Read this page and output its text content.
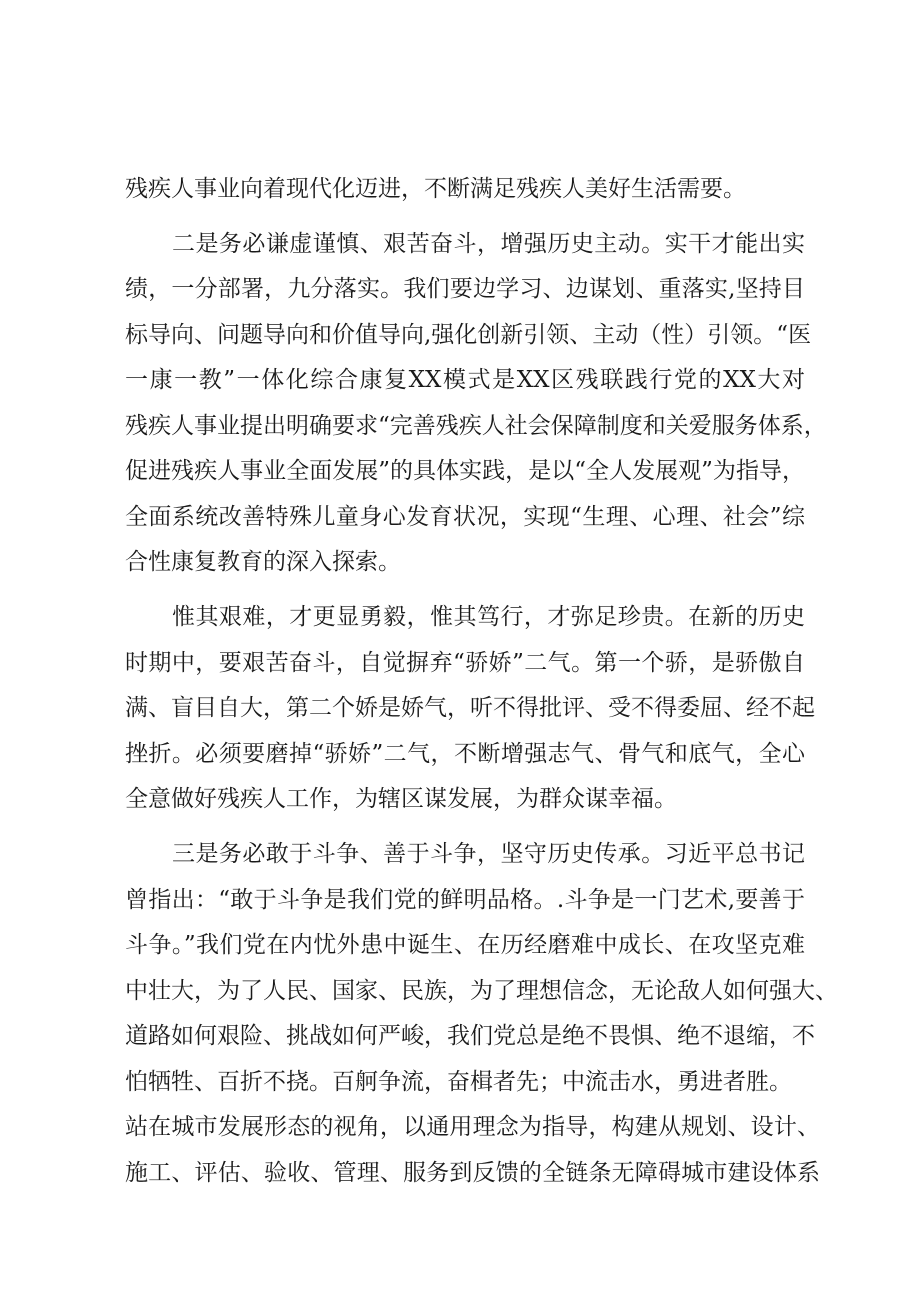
残疾人事业向着现代化迈进，不断满足残疾人美好生活需要。

二是务必谦虚谨慎、艰苦奋斗，增强历史主动。实干才能出实

绩，一分部署，九分落实。我们要边学习、边谋划、重落实,坚持目

标导向、问题导向和价值导向,强化创新引领、主动（性）引领。“医

一康一教”一体化综合康复XX模式是XX区残联践行党的XX大对

残疾人事业提出明确要求“完善残疾人社会保障制度和关爱服务体系，

促进残疾人事业全面发展”的具体实践，是以“全人发展观”为指导，

全面系统改善特殊儿童身心发育状况，实现“生理、心理、社会”综

合性康复教育的深入探索。

惟其艰难，才更显勇毅，惟其笃行，才弥足珍贵。在新的历史

时期中，要艰苦奋斗，自觉摒弃“骄娇”二气。第一个骄，是骄傲自

满、盲目自大，第二个娇是娇气，听不得批评、受不得委屈、经不起

挫折。必须要磨掉“骄娇”二气，不断增强志气、骨气和底气，全心

全意做好残疾人工作，为辖区谋发展，为群众谋幸福。

三是务必敢于斗争、善于斗争，坚守历史传承。习近平总书记

曾指出：“敢于斗争是我们党的鲜明品格。.斗争是一门艺术,要善于

斗争。”我们党在内忧外患中诞生、在历经磨难中成长、在攻坚克难

中壮大，为了人民、国家、民族，为了理想信念，无论敌人如何强大、

道路如何艰险、挑战如何严峻，我们党总是绝不畏惧、绝不退缩，不

怕牺牲、百折不挠。百舸争流，奋楫者先；中流击水，勇进者胜。

站在城市发展形态的视角，以通用理念为指导，构建从规划、设计、

施工、评估、验收、管理、服务到反馈的全链条无障碍城市建设体系
